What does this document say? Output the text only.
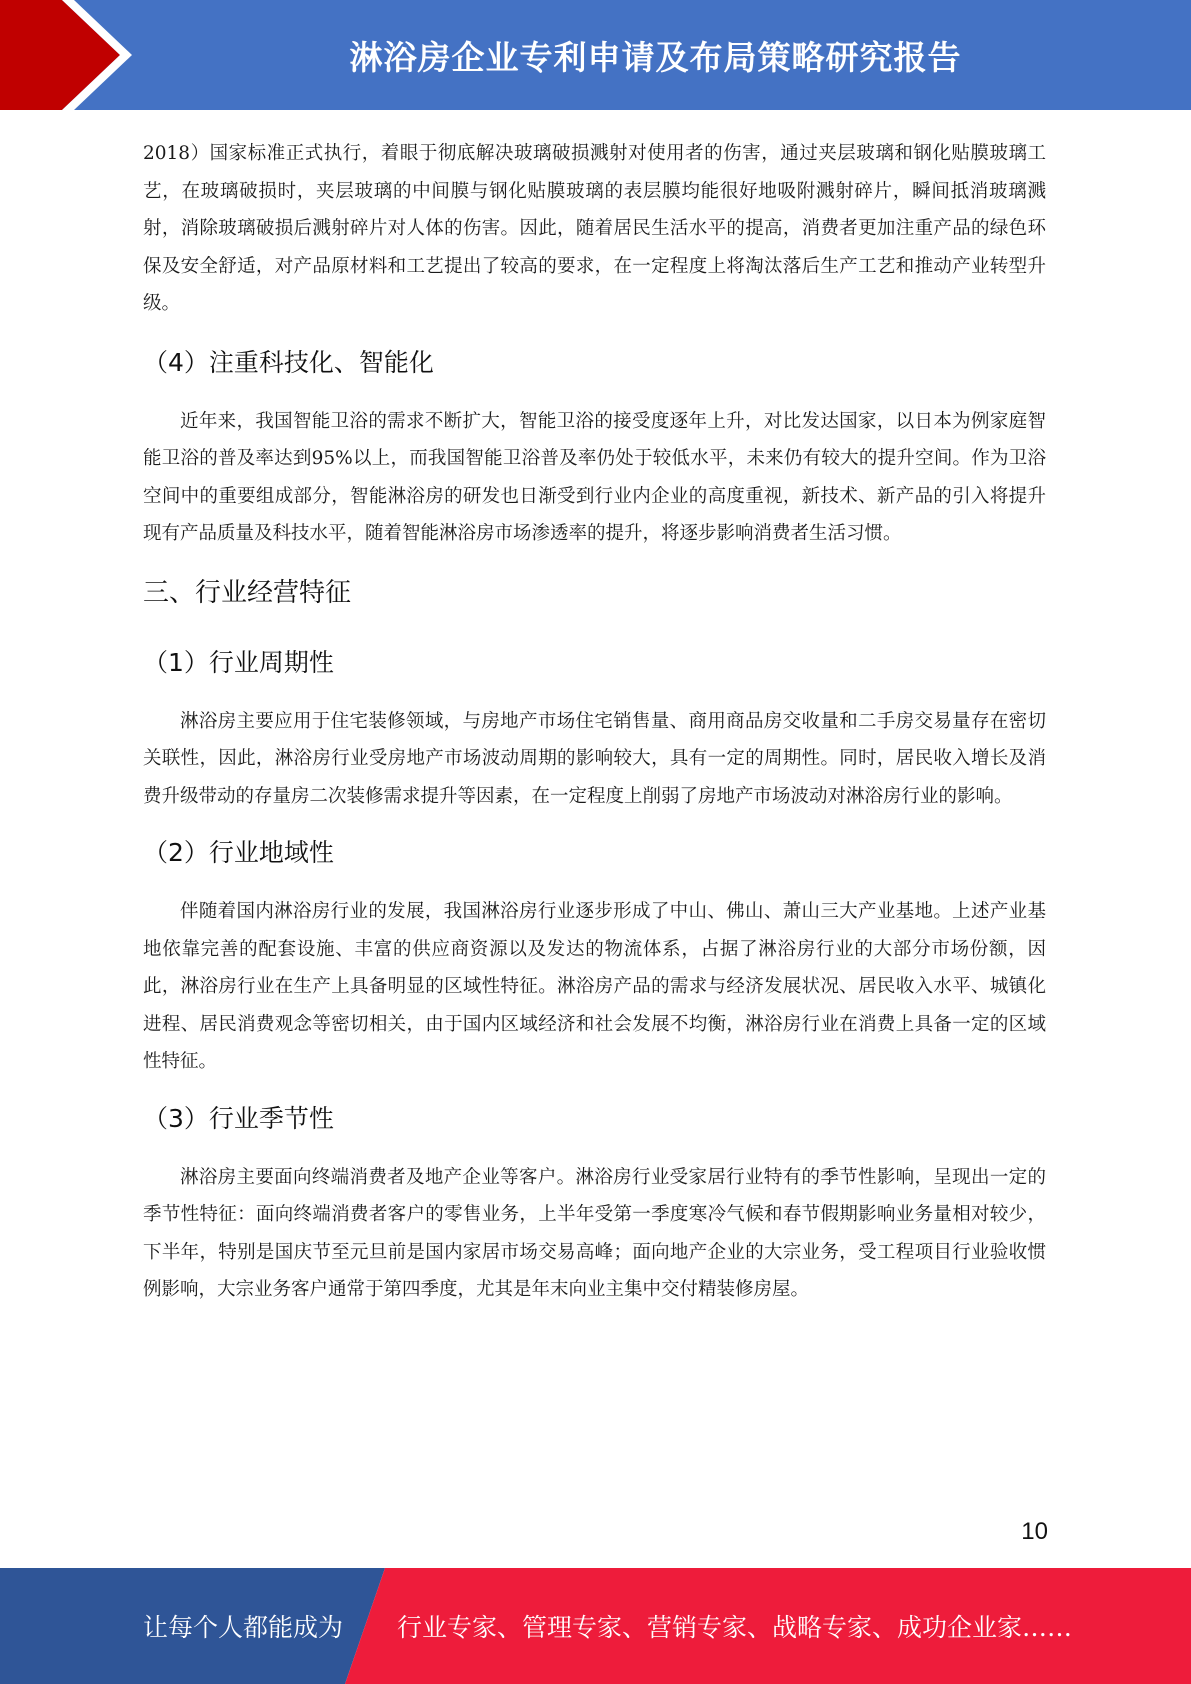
淋浴房企业专利申请及布局策略研究报告

2018）国家标准正式执行，着眼于彻底解决玻璃破损溅射对使用者的伤害，通过夹层玻璃和钢化贴膜玻璃工艺，在玻璃破损时，夹层玻璃的中间膜与钢化贴膜玻璃的表层膜均能很好地吸附溅射碎片，瞬间抵消玻璃溅射，消除玻璃破损后溅射碎片对人体的伤害。因此，随着居民生活水平的提高，消费者更加注重产品的绿色环保及安全舒适，对产品原材料和工艺提出了较高的要求，在一定程度上将淘汰落后生产工艺和推动产业转型升级。

（4）注重科技化、智能化

近年来，我国智能卫浴的需求不断扩大，智能卫浴的接受度逐年上升，对比发达国家，以日本为例家庭智能卫浴的普及率达到95%以上，而我国智能卫浴普及率仍处于较低水平，未来仍有较大的提升空间。作为卫浴空间中的重要组成部分，智能淋浴房的研发也日渐受到行业内企业的高度重视，新技术、新产品的引入将提升现有产品质量及科技水平，随着智能淋浴房市场渗透率的提升，将逐步影响消费者生活习惯。

三、行业经营特征
（1）行业周期性

淋浴房主要应用于住宅装修领域，与房地产市场住宅销售量、商用商品房交收量和二手房交易量存在密切关联性，因此，淋浴房行业受房地产市场波动周期的影响较大，具有一定的周期性。同时，居民收入增长及消费升级带动的存量房二次装修需求提升等因素，在一定程度上削弱了房地产市场波动对淋浴房行业的影响。

（2）行业地域性

伴随着国内淋浴房行业的发展，我国淋浴房行业逐步形成了中山、佛山、萧山三大产业基地。上述产业基地依靠完善的配套设施、丰富的供应商资源以及发达的物流体系，占据了淋浴房行业的大部分市场份额，因此，淋浴房行业在生产上具备明显的区域性特征。淋浴房产品的需求与经济发展状况、居民收入水平、城镇化进程、居民消费观念等密切相关，由于国内区域经济和社会发展不均衡，淋浴房行业在消费上具备一定的区域性特征。

（3）行业季节性

淋浴房主要面向终端消费者及地产企业等客户。淋浴房行业受家居行业特有的季节性影响，呈现出一定的季节性特征：面向终端消费者客户的零售业务，上半年受第一季度寒冷气候和春节假期影响业务量相对较少，下半年，特别是国庆节至元旦前是国内家居市场交易高峰；面向地产企业的大宗业务，受工程项目行业验收惯例影响，大宗业务客户通常于第四季度，尤其是年末向业主集中交付精装修房屋。

10
让每个人都能成为 行业专家、管理专家、营销专家、战略专家、成功企业家……
